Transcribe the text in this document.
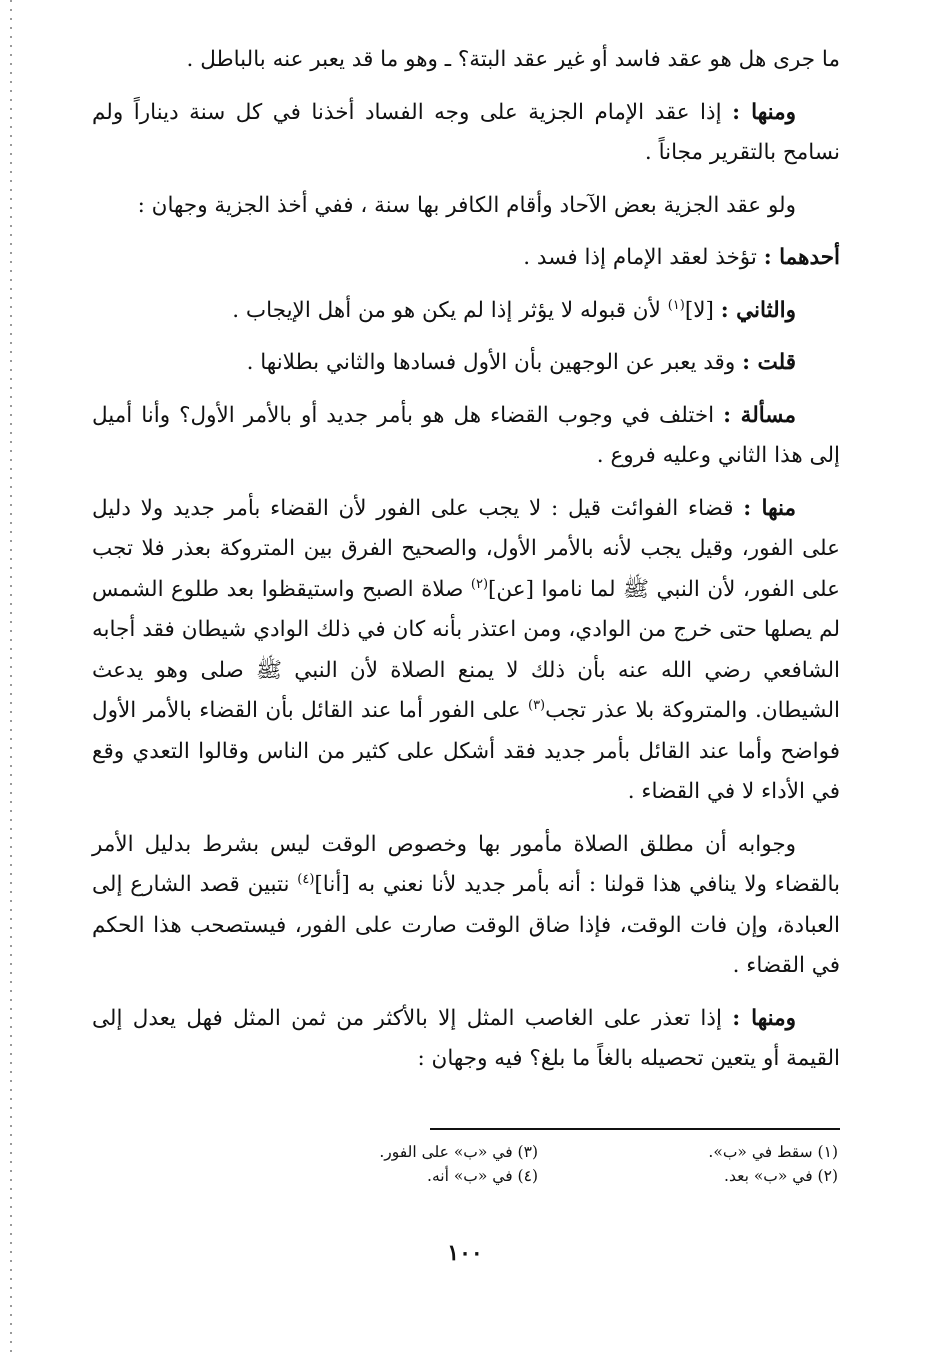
ما جرى هل هو عقد فاسد أو غير عقد البتة؟ ـ وهو ما قد يعبر عنه بالباطل .

ومنها : إذا عقد الإمام الجزية على وجه الفساد أخذنا في كل سنة ديناراً ولم نسامح بالتقرير مجاناً .

ولو عقد الجزية بعض الآحاد وأقام الكافر بها سنة ، ففي أخذ الجزية وجهان :

أحدهما : تؤخذ لعقد الإمام إذا فسد .

والثاني : [لا]$^{(١)}$ لأن قبوله لا يؤثر إذا لم يكن هو من أهل الإيجاب .

قلت : وقد يعبر عن الوجهين بأن الأول فسادها والثاني بطلانها .

مسألة : اختلف في وجوب القضاء هل هو بأمر جديد أو بالأمر الأول؟ وأنا أميل إلى هذا الثاني وعليه فروع .

منها : قضاء الفوائت قيل : لا يجب على الفور لأن القضاء بأمر جديد ولا دليل على الفور، وقيل يجب لأنه بالأمر الأول، والصحيح الفرق بين المتروكة بعذر فلا تجب على الفور، لأن النبي ﷺ لما ناموا [عن]$^{(٢)}$ صلاة الصبح واستيقظوا بعد طلوع الشمس لم يصلها حتى خرج من الوادي، ومن اعتذر بأنه كان في ذلك الوادي شيطان فقد أجابه الشافعي رضي الله عنه بأن ذلك لا يمنع الصلاة لأن النبي ﷺ صلى وهو يدعث الشيطان. والمتروكة بلا عذر تجب$^{(٣)}$ على الفور أما عند القائل بأن القضاء بالأمر الأول فواضح وأما عند القائل بأمر جديد فقد أشكل على كثير من الناس وقالوا التعدي وقع في الأداء لا في القضاء .

وجوابه أن مطلق الصلاة مأمور بها وخصوص الوقت ليس بشرط بدليل الأمر بالقضاء ولا ينافي هذا قولنا : أنه بأمر جديد لأنا نعني به [أنا]$^{(٤)}$ نتبين قصد الشارع إلى العبادة، وإن فات الوقت، فإذا ضاق الوقت صارت على الفور، فيستصحب هذا الحكم في القضاء .

ومنها : إذا تعذر على الغاصب المثل إلا بالأكثر من ثمن المثل فهل يعدل إلى القيمة أو يتعين تحصيله بالغاً ما بلغ؟ فيه وجهان :

(١) سقط في «ب».
(٣) في «ب» على الفور.
(٢) في «ب» بعد.
(٤) في «ب» أنه.
١٠٠
